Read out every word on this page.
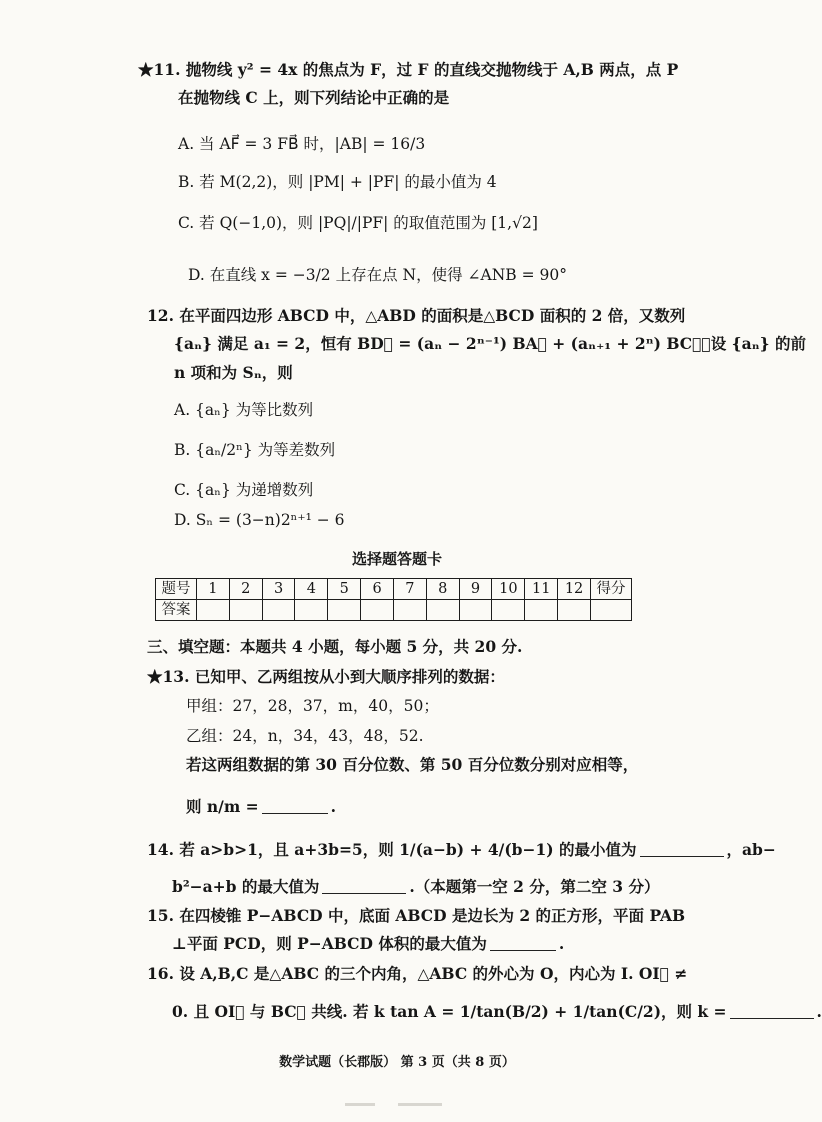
★11. 抛物线 y² = 4x 的焦点为 F，过 F 的直线交抛物线于 A,B 两点，点 P
在抛物线 C 上，则下列结论中正确的是
A. 当 AF⃗ = 3 FB⃗ 时，|AB| = 16/3
B. 若 M(2,2)，则 |PM| + |PF| 的最小值为 4
C. 若 Q(−1,0)，则 |PQ|/|PF| 的取值范围为 [1,√2]
D. 在直线 x = −3/2 上存在点 N，使得 ∠ANB = 90°
12. 在平面四边形 ABCD 中，△ABD 的面积是△BCD 面积的 2 倍，又数列
{aₙ} 满足 a₁ = 2，恒有 BD⃗ = (aₙ − 2ⁿ⁻¹) BA⃗ + (aₙ₊₁ + 2ⁿ) BC⃗，设 {aₙ} 的前
n 项和为 Sₙ，则
A. {aₙ} 为等比数列
B. {aₙ/2ⁿ} 为等差数列
C. {aₙ} 为递增数列
D. Sₙ = (3−n)2ⁿ⁺¹ − 6
选择题答题卡
题号	1	2	3	4	5	6	7	8	9	10	11	12	得分
答案													
三、填空题：本题共 4 小题，每小题 5 分，共 20 分.
★13. 已知甲、乙两组按从小到大顺序排列的数据：
甲组：27，28，37，m，40，50；
乙组：24，n，34，43，48，52.
若这两组数据的第 30 百分位数、第 50 百分位数分别对应相等，
则 n/m =	.
14. 若 a>b>1，且 a+3b=5，则 1/(a−b) + 4/(b−1) 的最小值为	，ab−
b²−a+b 的最大值为	.（本题第一空 2 分，第二空 3 分）
15. 在四棱锥 P−ABCD 中，底面 ABCD 是边长为 2 的正方形，平面 PAB
⊥平面 PCD，则 P−ABCD 体积的最大值为	.
16. 设 A,B,C 是△ABC 的三个内角，△ABC 的外心为 O，内心为 I. OI⃗ ≠
0. 且 OI⃗ 与 BC⃗ 共线. 若 k tan A = 1/tan(B/2) + 1/tan(C/2)，则 k =	.
数学试题（长郡版） 第 3 页（共 8 页）
